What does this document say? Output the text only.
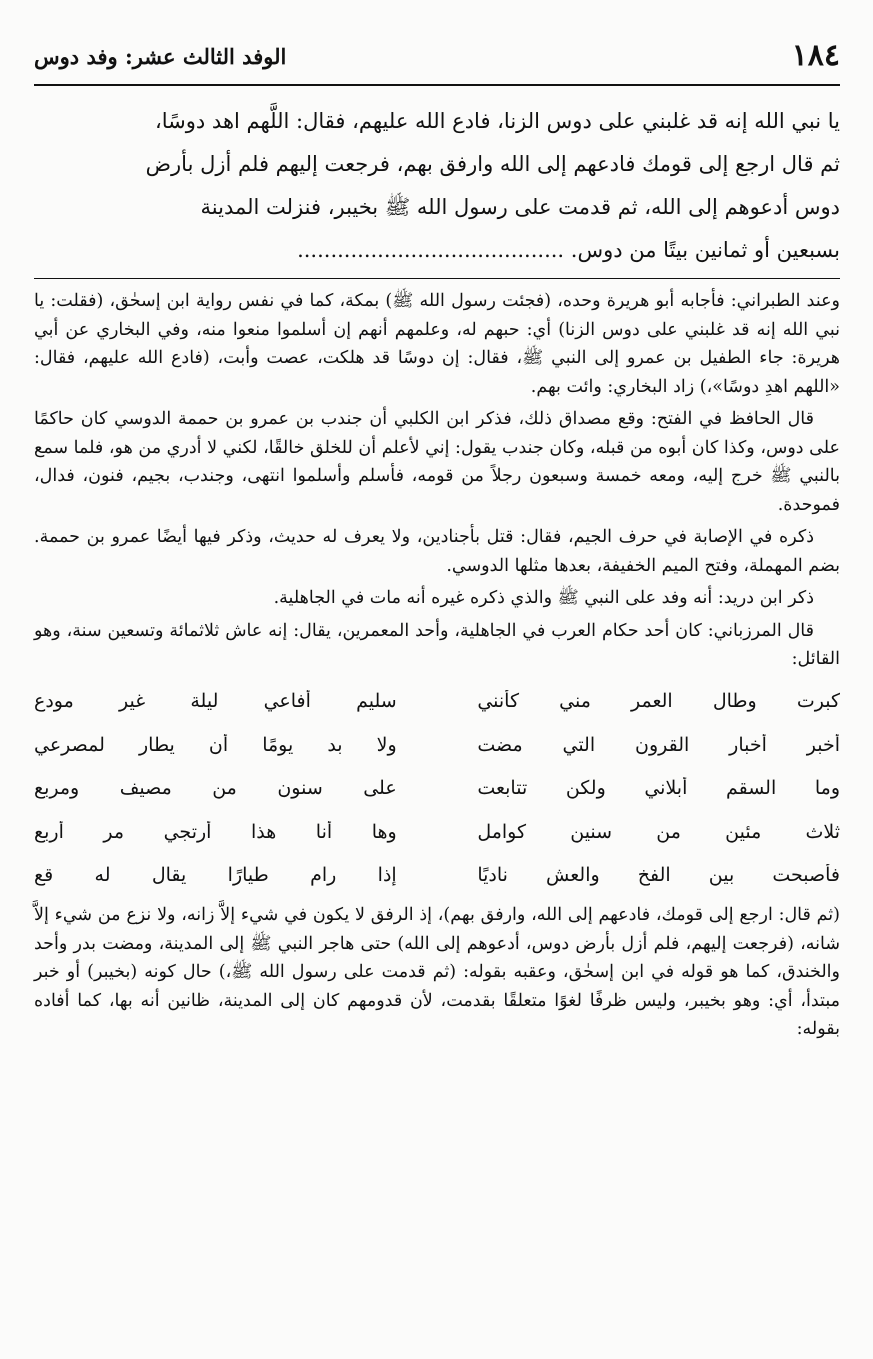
١٨٤
الوفد الثالث عشر: وفد دوس

يا نبي الله إنه قد غلبني على دوس الزنا، فادع الله عليهم، فقال: اللَّهم اهد دوسًا،

ثم قال ارجع إلى قومك فادعهم إلى الله وارفق بهم، فرجعت إليهم فلم أزل بأرض

دوس أدعوهم إلى الله، ثم قدمت على رسول الله ﷺ بخيبر، فنزلت المدينة

بسبعين أو ثمانين بيتًا من دوس. ........................................

وعند الطبراني: فأجابه أبو هريرة وحده، (فجئت رسول الله ﷺ) بمكة، كما في نفس رواية ابن إسحٰق، (فقلت: يا نبي الله إنه قد غلبني على دوس الزنا) أي: حبهم له، وعلمهم أنهم إن أسلموا منعوا منه، وفي البخاري عن أبي هريرة: جاء الطفيل بن عمرو إلى النبي ﷺ، فقال: إن دوسًا قد هلكت، عصت وأبت، (فادع الله عليهم، فقال: «اللهم اهدِ دوسًا»،) زاد البخاري: وائت بهم.

قال الحافظ في الفتح: وقع مصداق ذلك، فذكر ابن الكلبي أن جندب بن عمرو بن حممة الدوسي كان حاكمًا على دوس، وكذا كان أبوه من قبله، وكان جندب يقول: إني لأعلم أن للخلق خالقًا، لكني لا أدري من هو، فلما سمع بالنبي ﷺ خرج إليه، ومعه خمسة وسبعون رجلاً من قومه، فأسلم وأسلموا انتهى، وجندب، بجيم، فنون، فدال، فموحدة.

ذكره في الإصابة في حرف الجيم، فقال: قتل بأجنادين، ولا يعرف له حديث، وذكر فيها أيضًا عمرو بن حممة. بضم المهملة، وفتح الميم الخفيفة، بعدها مثلها الدوسي.

ذكر ابن دريد: أنه وفد على النبي ﷺ والذي ذكره غيره أنه مات في الجاهلية.

قال المرزباني: كان أحد حكام العرب في الجاهلية، وأحد المعمرين، يقال: إنه عاش ثلاثمائة وتسعين سنة، وهو القائل:

كبرت وطال العمر مني كأنني
سليم أفاعي ليلة غير مودع
أخبر أخبار القرون التي مضت
ولا بد يومًا أن يطار لمصرعي
وما السقم أبلاني ولكن تتابعت
على سنون من مصيف ومربع
ثلاث مئين من سنين كوامل
وها أنا هذا أرتجي مر أربع
فأصبحت بين الفخ والعش ناديًا
إذا رام طيارًا يقال له قع

(ثم قال: ارجع إلى قومك، فادعهم إلى الله، وارفق بهم)، إذ الرفق لا يكون في شيء إلاَّ زانه، ولا نزع من شيء إلاَّ شانه، (فرجعت إليهم، فلم أزل بأرض دوس، أدعوهم إلى الله) حتى هاجر النبي ﷺ إلى المدينة، ومضت بدر وأحد والخندق، كما هو قوله في ابن إسحٰق، وعقبه بقوله: (ثم قدمت على رسول الله ﷺ،) حال كونه (بخيبر) أو خبر مبتدأ، أي: وهو بخيبر، وليس ظرفًا لغوًا متعلقًا بقدمت، لأن قدومهم كان إلى المدينة، ظانين أنه بها، كما أفاده بقوله:
